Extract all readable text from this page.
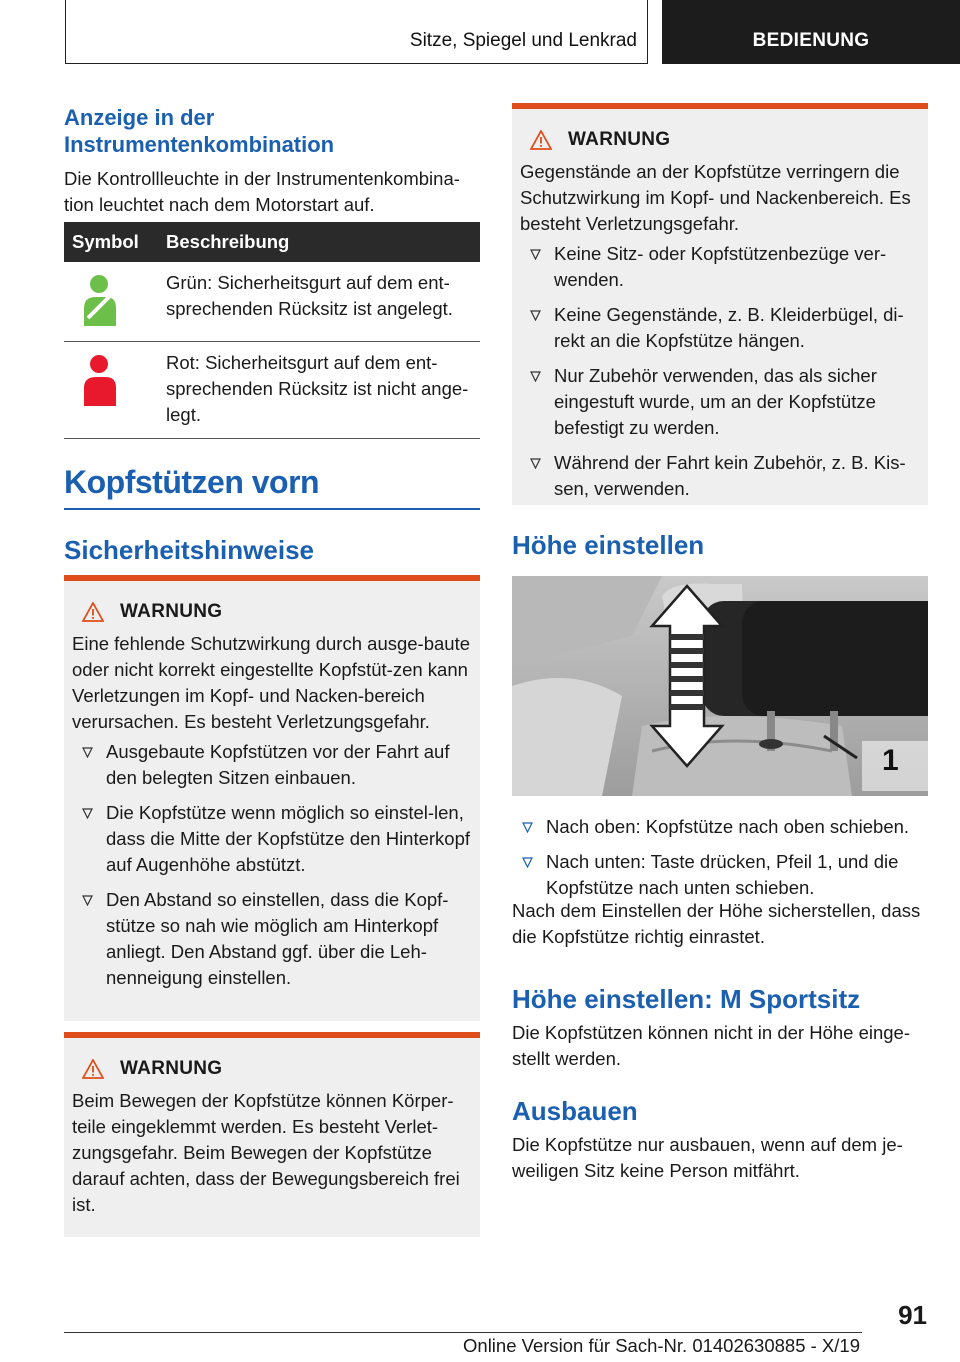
Sitze, Spiegel und Lenkrad	BEDIENUNG
Anzeige in der Instrumentenkombination
Die Kontrollleuchte in der Instrumentenkombina-tion leuchtet nach dem Motorstart auf.
Symbol	Beschreibung
	Grün: Sicherheitsgurt auf dem ent-sprechenden Rücksitz ist angelegt.
	Rot: Sicherheitsgurt auf dem ent-sprechenden Rücksitz ist nicht ange-legt.
Kopfstützen vorn
Sicherheitshinweise
WARNUNG
Eine fehlende Schutzwirkung durch ausge-baute oder nicht korrekt eingestellte Kopfstüt-zen kann Verletzungen im Kopf- und Nacken-bereich verursachen. Es besteht Verletzungsgefahr.
Ausgebaute Kopfstützen vor der Fahrt auf den belegten Sitzen einbauen.
Die Kopfstütze wenn möglich so einstel-len, dass die Mitte der Kopfstütze den Hinterkopf auf Augenhöhe abstützt.
Den Abstand so einstellen, dass die Kopf-stütze so nah wie möglich am Hinterkopf anliegt. Den Abstand ggf. über die Leh-nenneigung einstellen.
WARNUNG
Beim Bewegen der Kopfstütze können Körper-teile eingeklemmt werden. Es besteht Verlet-zungsgefahr. Beim Bewegen der Kopfstütze darauf achten, dass der Bewegungsbereich frei ist.
WARNUNG
Gegenstände an der Kopfstütze verringern die Schutzwirkung im Kopf- und Nackenbereich. Es besteht Verletzungsgefahr.
Keine Sitz- oder Kopfstützenbezüge ver-wenden.
Keine Gegenstände, z. B. Kleiderbügel, di-rekt an die Kopfstütze hängen.
Nur Zubehör verwenden, das als sicher eingestuft wurde, um an der Kopfstütze befestigt zu werden.
Während der Fahrt kein Zubehör, z. B. Kis-sen, verwenden.
Höhe einstellen
1
Nach oben: Kopfstütze nach oben schieben.
Nach unten: Taste drücken, Pfeil 1, und die Kopfstütze nach unten schieben.
Nach dem Einstellen der Höhe sicherstellen, dass die Kopfstütze richtig einrastet.
Höhe einstellen: M Sportsitz
Die Kopfstützen können nicht in der Höhe einge-stellt werden.
Ausbauen
Die Kopfstütze nur ausbauen, wenn auf dem je-weiligen Sitz keine Person mitfährt.
91
Online Version für Sach-Nr. 01402630885 - X/19
